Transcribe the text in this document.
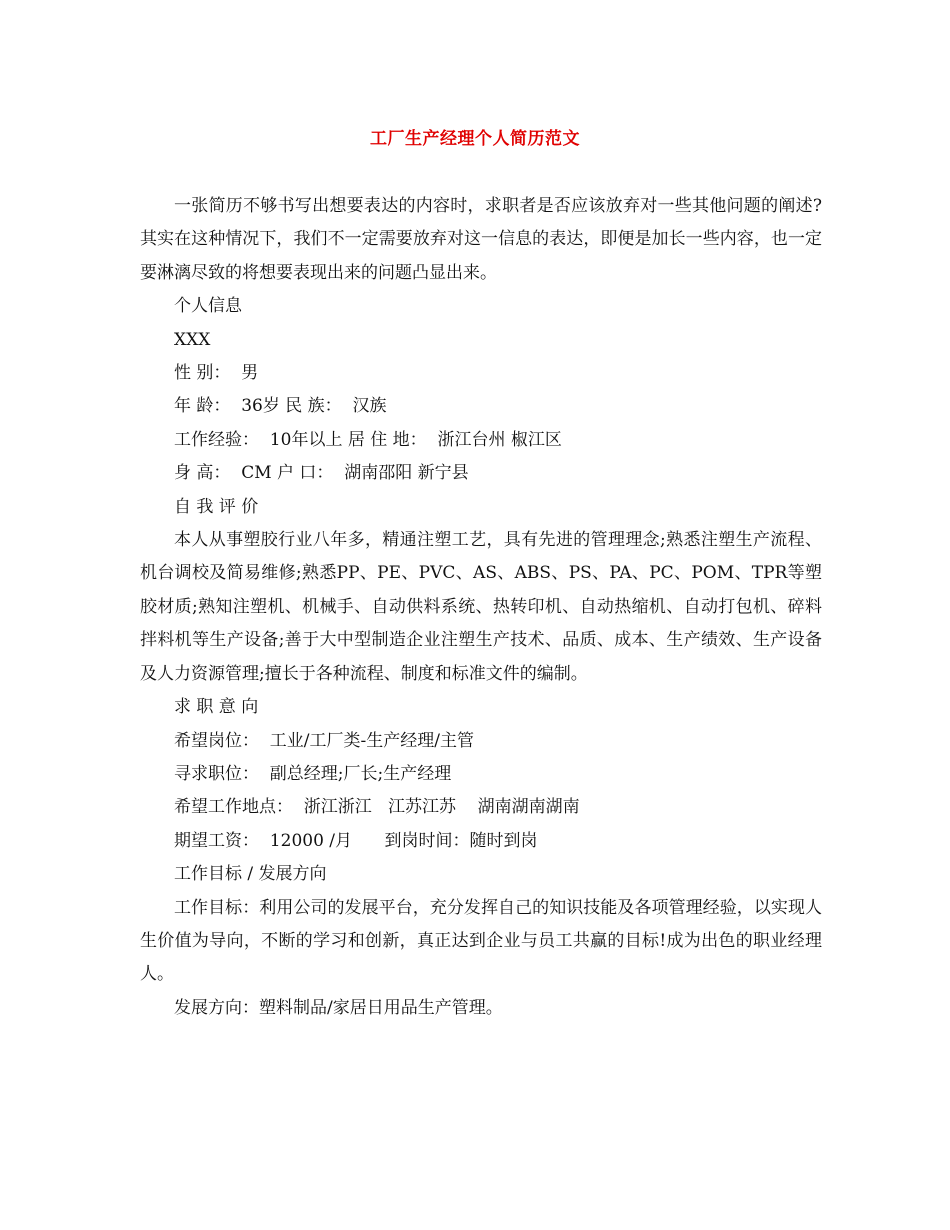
工厂生产经理个人简历范文

一张简历不够书写出想要表达的内容时，求职者是否应该放弃对一些其他问题的阐述?其实在这种情况下，我们不一定需要放弃对这一信息的表达，即便是加长一些内容，也一定要淋漓尽致的将想要表现出来的问题凸显出来。

个人信息

XXX

性 别：  男

年 龄：  36岁 民 族：  汉族

工作经验：  10年以上 居 住 地：  浙江台州 椒江区

身 高：  CM 户 口：  湖南邵阳 新宁县

自 我 评 价

本人从事塑胶行业八年多，精通注塑工艺，具有先进的管理理念;熟悉注塑生产流程、机台调校及简易维修;熟悉PP、PE、PVC、AS、ABS、PS、PA、PC、POM、TPR等塑胶材质;熟知注塑机、机械手、自动供料系统、热转印机、自动热缩机、自动打包机、碎料拌料机等生产设备;善于大中型制造企业注塑生产技术、品质、成本、生产绩效、生产设备及人力资源管理;擅长于各种流程、制度和标准文件的编制。

求 职 意 向

希望岗位：  工业/工厂类-生产经理/主管

寻求职位：  副总经理;厂长;生产经理

希望工作地点：  浙江浙江   江苏江苏    湖南湖南湖南

期望工资：  12000 /月      到岗时间：随时到岗

工作目标 / 发展方向

工作目标：利用公司的发展平台，充分发挥自己的知识技能及各项管理经验，以实现人生价值为导向，不断的学习和创新，真正达到企业与员工共赢的目标!成为出色的职业经理人。

发展方向：塑料制品/家居日用品生产管理。
